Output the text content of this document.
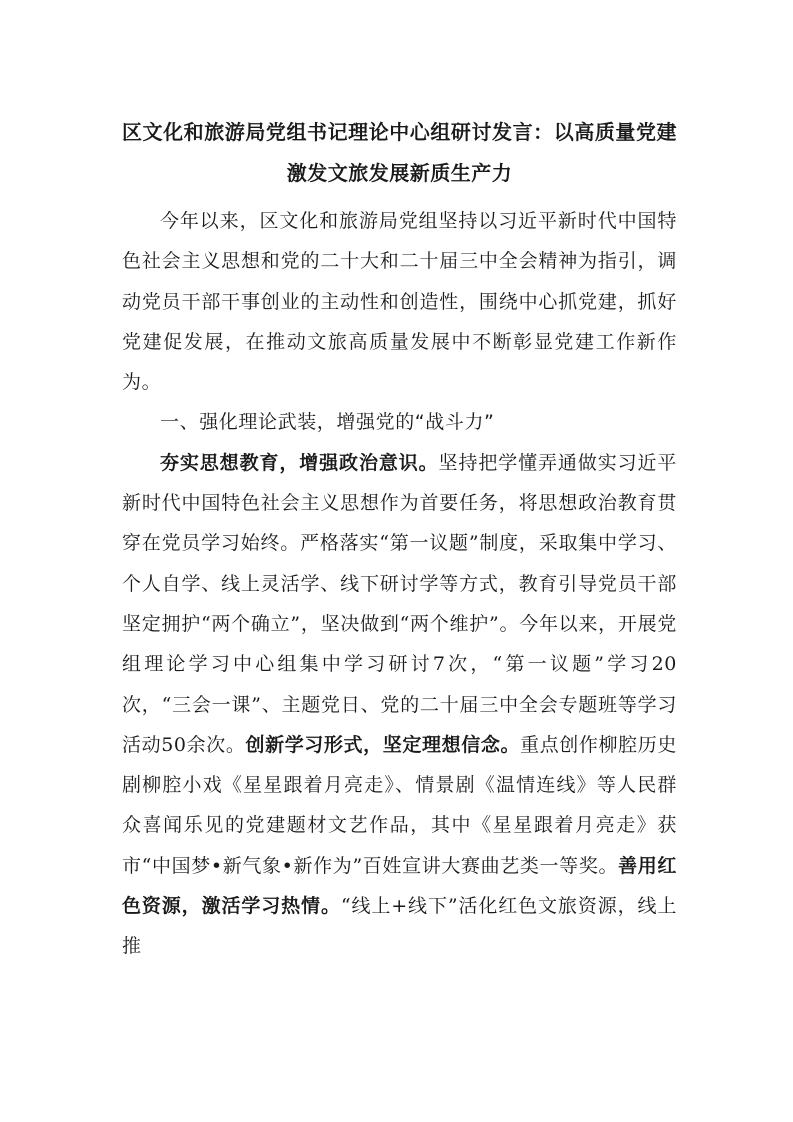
区文化和旅游局党组书记理论中心组研讨发言：以高质量党建激发文旅发展新质生产力

今年以来，区文化和旅游局党组坚持以习近平新时代中国特色社会主义思想和党的二十大和二十届三中全会精神为指引，调动党员干部干事创业的主动性和创造性，围绕中心抓党建，抓好党建促发展，在推动文旅高质量发展中不断彰显党建工作新作为。

一、强化理论武装，增强党的“战斗力”

夯实思想教育，增强政治意识。坚持把学懂弄通做实习近平新时代中国特色社会主义思想作为首要任务，将思想政治教育贯穿在党员学习始终。严格落实“第一议题”制度，采取集中学习、个人自学、线上灵活学、线下研讨学等方式，教育引导党员干部坚定拥护“两个确立”，坚决做到“两个维护”。今年以来，开展党组理论学习中心组集中学习研讨7次，“第一议题”学习20次，“三会一课”、主题党日、党的二十届三中全会专题班等学习活动50余次。创新学习形式，坚定理想信念。重点创作柳腔历史剧柳腔小戏《星星跟着月亮走》、情景剧《温情连线》等人民群众喜闻乐见的党建题材文艺作品，其中《星星跟着月亮走》获市“中国梦•新气象•新作为”百姓宣讲大赛曲艺类一等奖。善用红色资源，激活学习热情。“线上+线下”活化红色文旅资源，线上推
